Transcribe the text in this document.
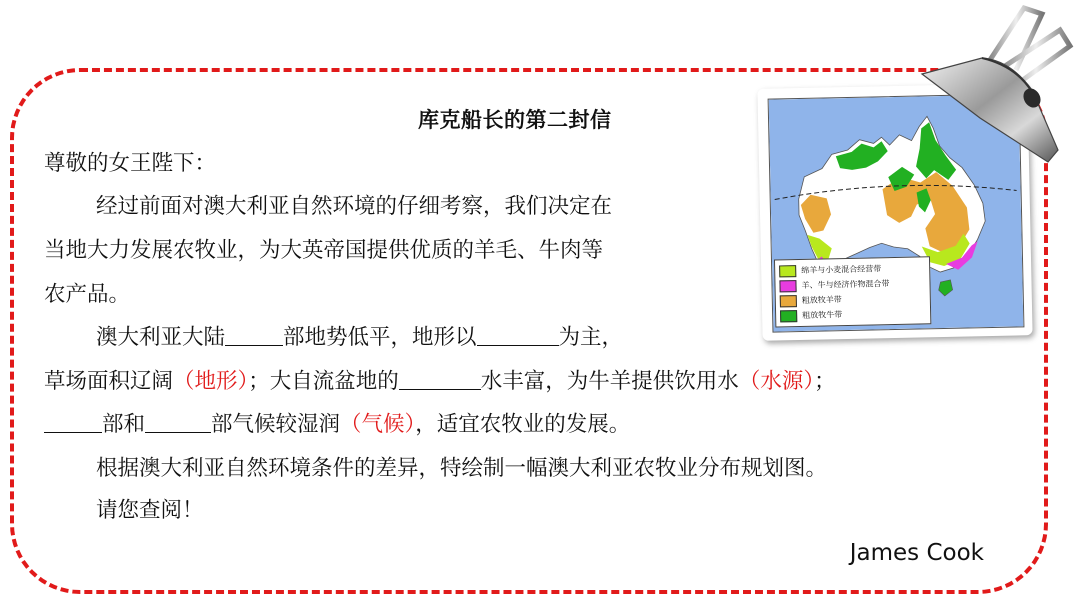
库克船长的第二封信
尊敬的女王陛下：
经过前面对澳大利亚自然环境的仔细考察，我们决定在
当地大力发展农牧业，为大英帝国提供优质的羊毛、牛肉等
农产品。
澳大利亚大陆	部地势低平，地形以	为主，
草场面积辽阔（地形）；大自流盆地的	水丰富，为牛羊提供饮用水（水源）；
部和	部气候较湿润（气候），适宜农牧业的发展。
根据澳大利亚自然环境条件的差异，特绘制一幅澳大利亚农牧业分布规划图。
请您查阅！
James Cook
绵羊与小麦混合经营带
羊、牛与经济作物混合带
粗放牧羊带
粗放牧牛带
